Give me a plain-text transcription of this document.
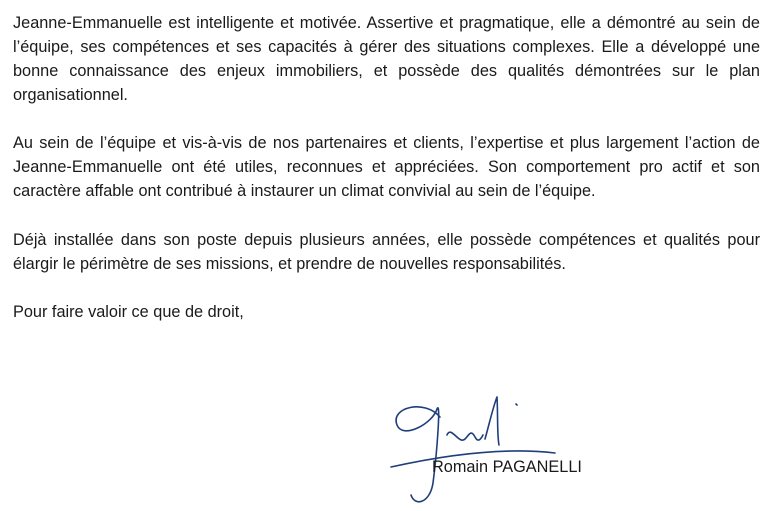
Jeanne-Emmanuelle est intelligente et motivée. Assertive et pragmatique, elle a démontré au sein de l’équipe, ses compétences et ses capacités à gérer des situations complexes. Elle a développé une bonne connaissance des enjeux immobiliers, et possède des qualités démontrées sur le plan organisationnel.

Au sein de l’équipe et vis-à-vis de nos partenaires et clients, l’expertise et plus largement l’action de Jeanne-Emmanuelle ont été utiles, reconnues et appréciées. Son comportement pro actif et son caractère affable ont contribué à instaurer un climat convivial au sein de l’équipe.

Déjà installée dans son poste depuis plusieurs années, elle possède compétences et qualités pour élargir le périmètre de ses missions, et prendre de nouvelles responsabilités.

Pour faire valoir ce que de droit,

Romain PAGANELLI
